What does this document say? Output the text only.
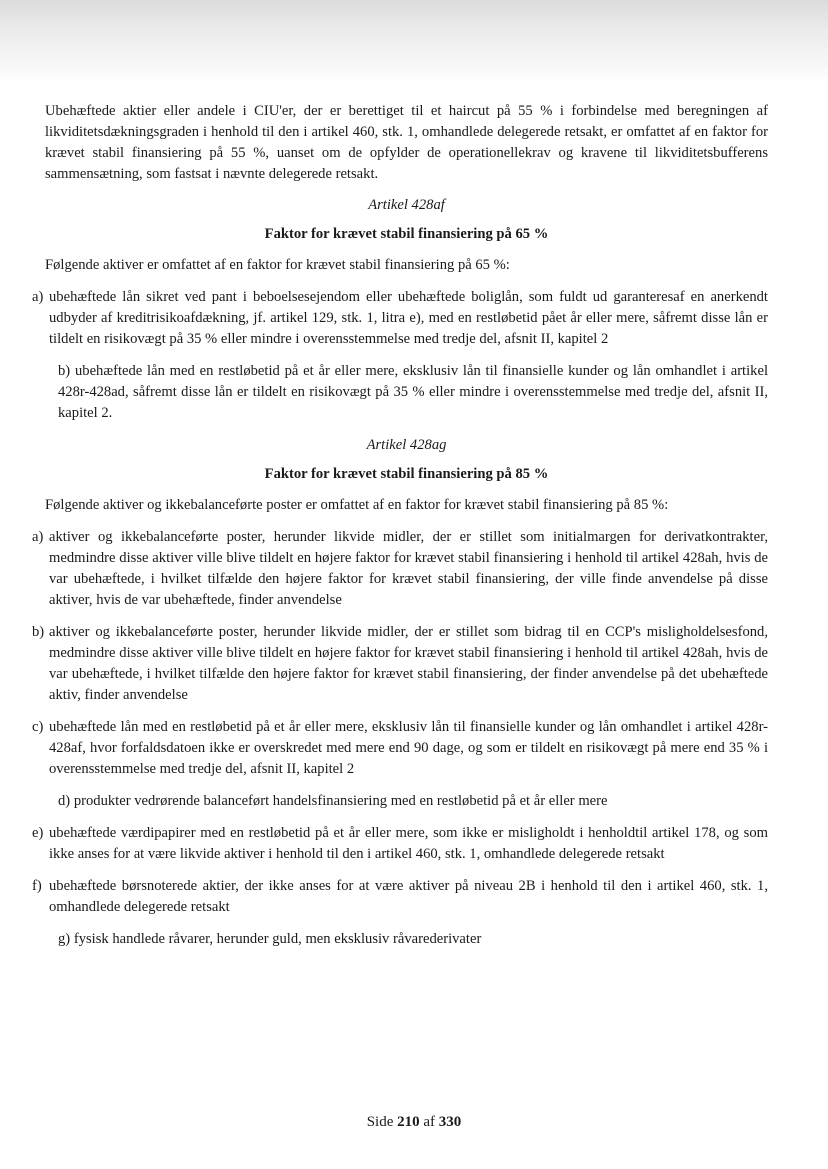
Ubehæftede aktier eller andele i CIU'er, der er berettiget til et haircut på 55 % i forbindelse med beregningen af likviditetsdækningsgraden i henhold til den i artikel 460, stk. 1, omhandlede delegerede retsakt, er omfattet af en faktor for krævet stabil finansiering på 55 %, uanset om de opfylder de operationellekrav og kravene til likviditetsbufferens sammensætning, som fastsat i nævnte delegerede retsakt.

Artikel 428af
Faktor for krævet stabil finansiering på 65 %

Følgende aktiver er omfattet af en faktor for krævet stabil finansiering på 65 %:

a) ubehæftede lån sikret ved pant i beboelsesejendom eller ubehæftede boliglån, som fuldt ud garanteresaf en anerkendt udbyder af kreditrisikoafdækning, jf. artikel 129, stk. 1, litra e), med en restløbetid pået år eller mere, såfremt disse lån er tildelt en risikovægt på 35 % eller mindre i overensstemmelse med tredje del, afsnit II, kapitel 2
b) ubehæftede lån med en restløbetid på et år eller mere, eksklusiv lån til finansielle kunder og lån omhandlet i artikel 428r-428ad, såfremt disse lån er tildelt en risikovægt på 35 % eller mindre i overensstemmelse med tredje del, afsnit II, kapitel 2.
Artikel 428ag
Faktor for krævet stabil finansiering på 85 %

Følgende aktiver og ikkebalanceførte poster er omfattet af en faktor for krævet stabil finansiering på 85 %:

a) aktiver og ikkebalanceførte poster, herunder likvide midler, der er stillet som initialmargen for derivatkontrakter, medmindre disse aktiver ville blive tildelt en højere faktor for krævet stabil finansiering i henhold til artikel 428ah, hvis de var ubehæftede, i hvilket tilfælde den højere faktor for krævet stabil finansiering, der ville finde anvendelse på disse aktiver, hvis de var ubehæftede, finder anvendelse
b) aktiver og ikkebalanceførte poster, herunder likvide midler, der er stillet som bidrag til en CCP's misligholdelsesfond, medmindre disse aktiver ville blive tildelt en højere faktor for krævet stabil finansiering i henhold til artikel 428ah, hvis de var ubehæftede, i hvilket tilfælde den højere faktor for krævet stabil finansiering, der finder anvendelse på det ubehæftede aktiv, finder anvendelse
c) ubehæftede lån med en restløbetid på et år eller mere, eksklusiv lån til finansielle kunder og lån omhandlet i artikel 428r-428af, hvor forfaldsdatoen ikke er overskredet med mere end 90 dage, og som er tildelt en risikovægt på mere end 35 % i overensstemmelse med tredje del, afsnit II, kapitel 2
d) produkter vedrørende balanceført handelsfinansiering med en restløbetid på et år eller mere
e) ubehæftede værdipapirer med en restløbetid på et år eller mere, som ikke er misligholdt i henholdtil artikel 178, og som ikke anses for at være likvide aktiver i henhold til den i artikel 460, stk. 1, omhandlede delegerede retsakt
f) ubehæftede børsnoterede aktier, der ikke anses for at være aktiver på niveau 2B i henhold til den i artikel 460, stk. 1, omhandlede delegerede retsakt
g) fysisk handlede råvarer, herunder guld, men eksklusiv råvarederivater
Side 210 af 330
